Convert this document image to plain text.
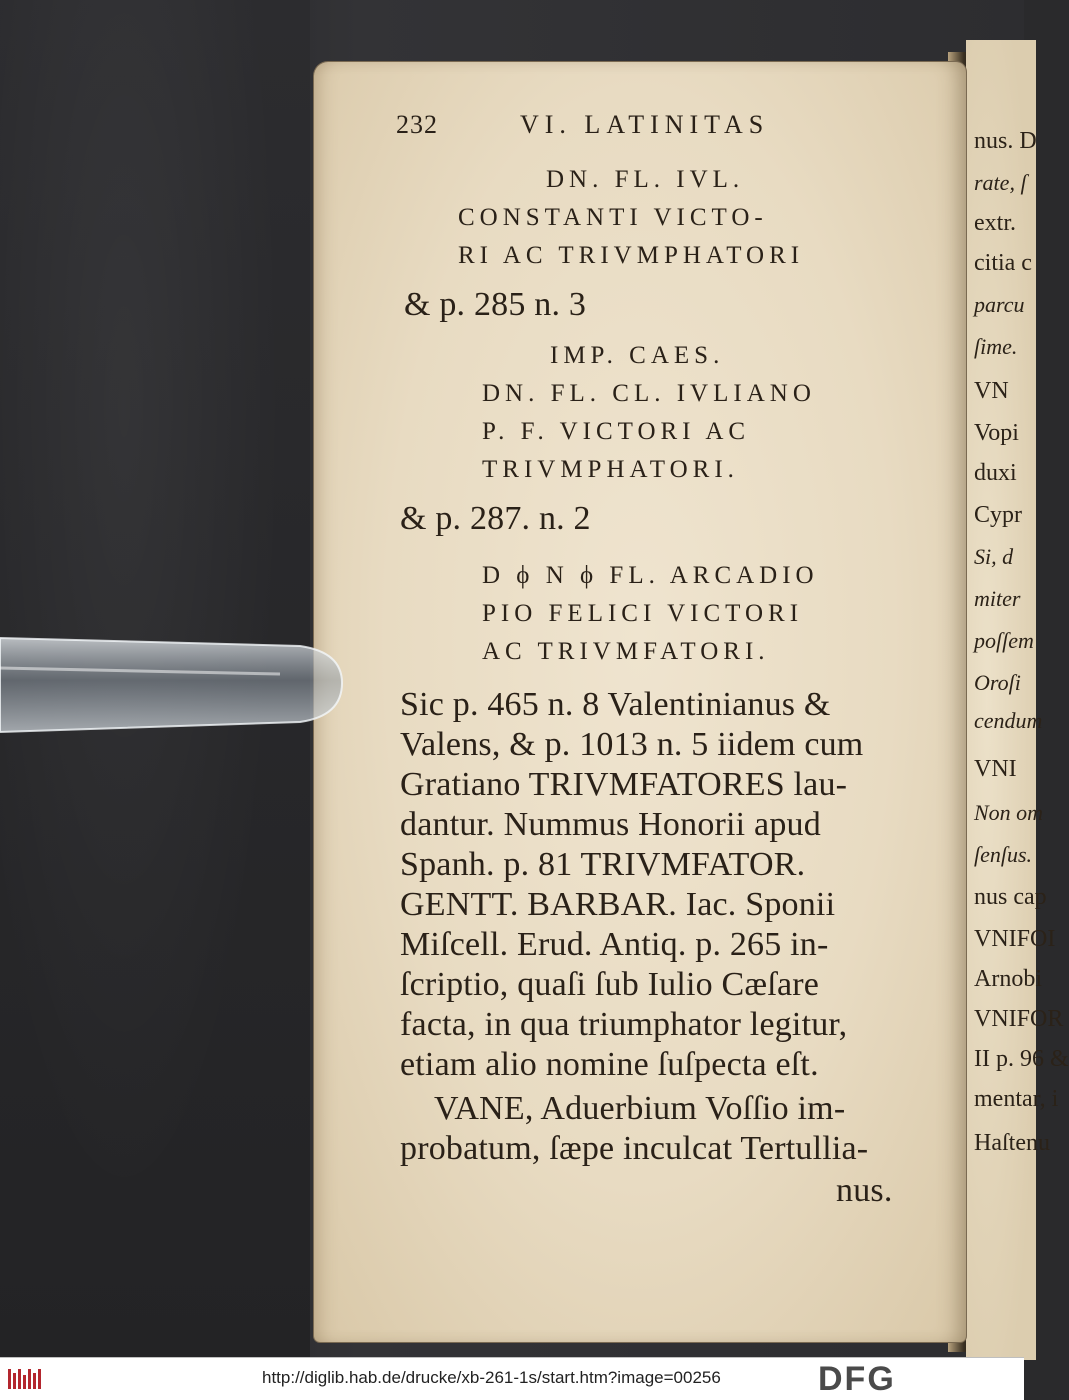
nus. D
rate, ſ
extr.
citia c
parcu
ſime.
VN
Vopi
duxi
Cypr
Si, d
miter
poſſem
Oroſi
cendum
VNI
Non om
ſenſus.
nus cap
VNIFOI
Arnobi
VNIFOR
II p. 96 &
mentar, i
Haſtenu
232	VI. LATINITAS
DN. FL. IVL.
CONSTANTI VICTO-
RI AC TRIVMPHATORI
& p. 285 n. 3
IMP. CAES.
DN. FL. CL. IVLIANO
P. F. VICTORI AC
TRIVMPHATORI.
& p. 287. n. 2
D ϕ N ϕ FL. ARCADIO
PIO FELICI VICTORI
AC TRIVMFATORI.
Sic p. 465 n. 8 Valentinianus &
Valens, & p. 1013 n. 5 iidem cum
Gratiano TRIVMFATORES lau-
dantur. Nummus Honorii apud
Spanh. p. 81 TRIVMFATOR.
GENTT. BARBAR. Iac. Sponii
Miſcell. Erud. Antiq. p. 265 in-
ſcriptio, quaſi ſub Iulio Cæſare
facta, in qua triumphator legitur,
etiam alio nomine ſuſpecta eſt.
VANE, Aduerbium Voſſio im-
probatum, ſæpe inculcat Tertullia-
nus.
http://diglib.hab.de/drucke/xb-261-1s/start.htm?image=00256	DFG
